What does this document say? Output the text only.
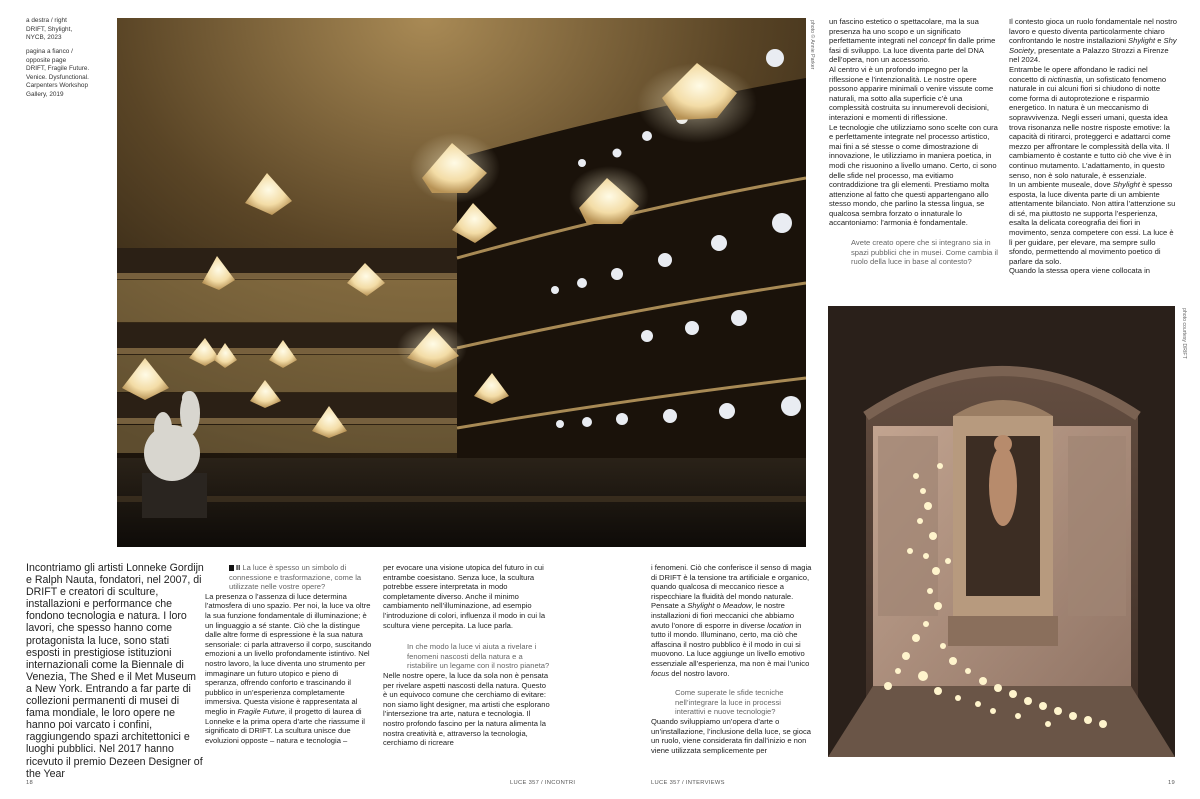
a destra / right
DRIFT, Shylight,
NYCB, 2023
pagina a fianco /
opposite page
DRIFT, Fragile Future.
Venice. Dysfunctional.
Carpenters Workshop
Gallery, 2019
photo © Annie Parker
photo courtesy DRIFT
Incontriamo gli artisti Lonneke Gordijn e Ralph Nauta, fondatori, nel 2007, di DRIFT e creatori di sculture, installazioni e performance che fondono tecnologia e natura. I loro lavori, che spesso hanno come protagonista la luce, sono stati esposti in prestigiose istituzioni internazionali come la Biennale di Venezia, The Shed e il Met Museum a New York. Entrando a far parte di collezioni permanenti di musei di fama mondiale, le loro opere ne hanno poi varcato i confini, raggiungendo spazi architettonici e luoghi pubblici. Nel 2017 hanno ricevuto il premio Dezeen Designer of the Year
II La luce è spesso un simbolo di connessione e trasformazione, come la utilizzate nelle vostre opere?

La presenza o l’assenza di luce determina l’atmosfera di uno spazio. Per noi, la luce va oltre la sua funzione fondamentale di illuminazione; è un linguaggio a sé stante. Ciò che la distingue dalle altre forme di espressione è la sua natura sensoriale: ci parla attraverso il corpo, suscitando emozioni a un livello profondamente istintivo. Nel nostro lavoro, la luce diventa uno strumento per immaginare un futuro utopico e pieno di speranza, offrendo conforto e trascinando il pubblico in un’esperienza completamente immersiva. Questa visione è rappresentata al meglio in Fragile Future, il progetto di laurea di Lonneke e la prima opera d’arte che riassume il significato di DRIFT. La scultura unisce due evoluzioni opposte – natura e tecnologia –

per evocare una visione utopica del futuro in cui entrambe coesistano. Senza luce, la scultura potrebbe essere interpretata in modo completamente diverso. Anche il minimo cambiamento nell’illuminazione, ad esempio l’introduzione di colori, influenza il modo in cui la scultura viene percepita. La luce parla.

In che modo la luce vi aiuta a rivelare i fenomeni nascosti della natura e a ristabilire un legame con il nostro pianeta?

Nelle nostre opere, la luce da sola non è pensata per rivelare aspetti nascosti della natura. Questo è un equivoco comune che cerchiamo di evitare: non siamo light designer, ma artisti che esplorano l’intersezione tra arte, natura e tecnologia. Il nostro profondo fascino per la natura alimenta la nostra creatività e, attraverso la tecnologia, cerchiamo di ricreare

i fenomeni. Ciò che conferisce il senso di magia di DRIFT è la tensione tra artificiale e organico, quando qualcosa di meccanico riesce a rispecchiare la fluidità del mondo naturale. Pensate a Shylight o Meadow, le nostre installazioni di fiori meccanici che abbiamo avuto l’onore di esporre in diverse location in tutto il mondo. Illuminano, certo, ma ciò che affascina il nostro pubblico è il modo in cui si muovono. La luce aggiunge un livello emotivo essenziale all’esperienza, ma non è mai l’unico focus del nostro lavoro.

Come superate le sfide tecniche nell’integrare la luce in processi interattivi e nuove tecnologie?

Quando sviluppiamo un’opera d’arte o un’installazione, l’inclusione della luce, se gioca un ruolo, viene considerata fin dall’inizio e non viene utilizzata semplicemente per

un fascino estetico o spettacolare, ma la sua presenza ha uno scopo e un significato perfettamente integrati nel concept fin dalle prime fasi di sviluppo. La luce diventa parte del DNA dell’opera, non un accessorio.

Al centro vi è un profondo impegno per la riflessione e l’intenzionalità. Le nostre opere possono apparire minimali o venire vissute come naturali, ma sotto alla superficie c’è una complessità costruita su innumerevoli decisioni, interazioni e momenti di riflessione.

Le tecnologie che utilizziamo sono scelte con cura e perfettamente integrate nel processo artistico, mai fini a sé stesse o come dimostrazione di innovazione, le utilizziamo in maniera poetica, in modi che risuonino a livello umano. Certo, ci sono delle sfide nel processo, ma evitiamo contraddizione tra gli elementi. Prestiamo molta attenzione al fatto che questi appartengano allo stesso mondo, che parlino la stessa lingua, se qualcosa sembra forzato o innaturale lo accantoniamo: l’armonia è fondamentale.

Avete creato opere che si integrano sia in spazi pubblici che in musei. Come cambia il ruolo della luce in base al contesto?

Il contesto gioca un ruolo fondamentale nel nostro lavoro e questo diventa particolarmente chiaro confrontando le nostre installazioni Shylight e Shy Society, presentate a Palazzo Strozzi a Firenze nel 2024.

Entrambe le opere affondano le radici nel concetto di nictinastia, un sofisticato fenomeno naturale in cui alcuni fiori si chiudono di notte come forma di autoprotezione e risparmio energetico. In natura è un meccanismo di sopravvivenza. Negli esseri umani, questa idea trova risonanza nelle nostre risposte emotive: la capacità di ritirarci, proteggerci e adattarci come mezzo per affrontare le complessità della vita. Il cambiamento è costante e tutto ciò che vive è in continuo mutamento. L’adattamento, in questo senso, non è solo naturale, è essenziale.

In un ambiente museale, dove Shylight è spesso esposta, la luce diventa parte di un ambiente attentamente bilanciato. Non attira l’attenzione su di sé, ma piuttosto ne supporta l’esperienza, esalta la delicata coreografia dei fiori in movimento, senza competere con essi. La luce è lì per guidare, per elevare, ma sempre sullo sfondo, permettendo al movimento poetico di parlare da solo.

Quando la stessa opera viene collocata in

18	LUCE 357 / INCONTRI	LUCE 357 / INTERVIEWS	19
